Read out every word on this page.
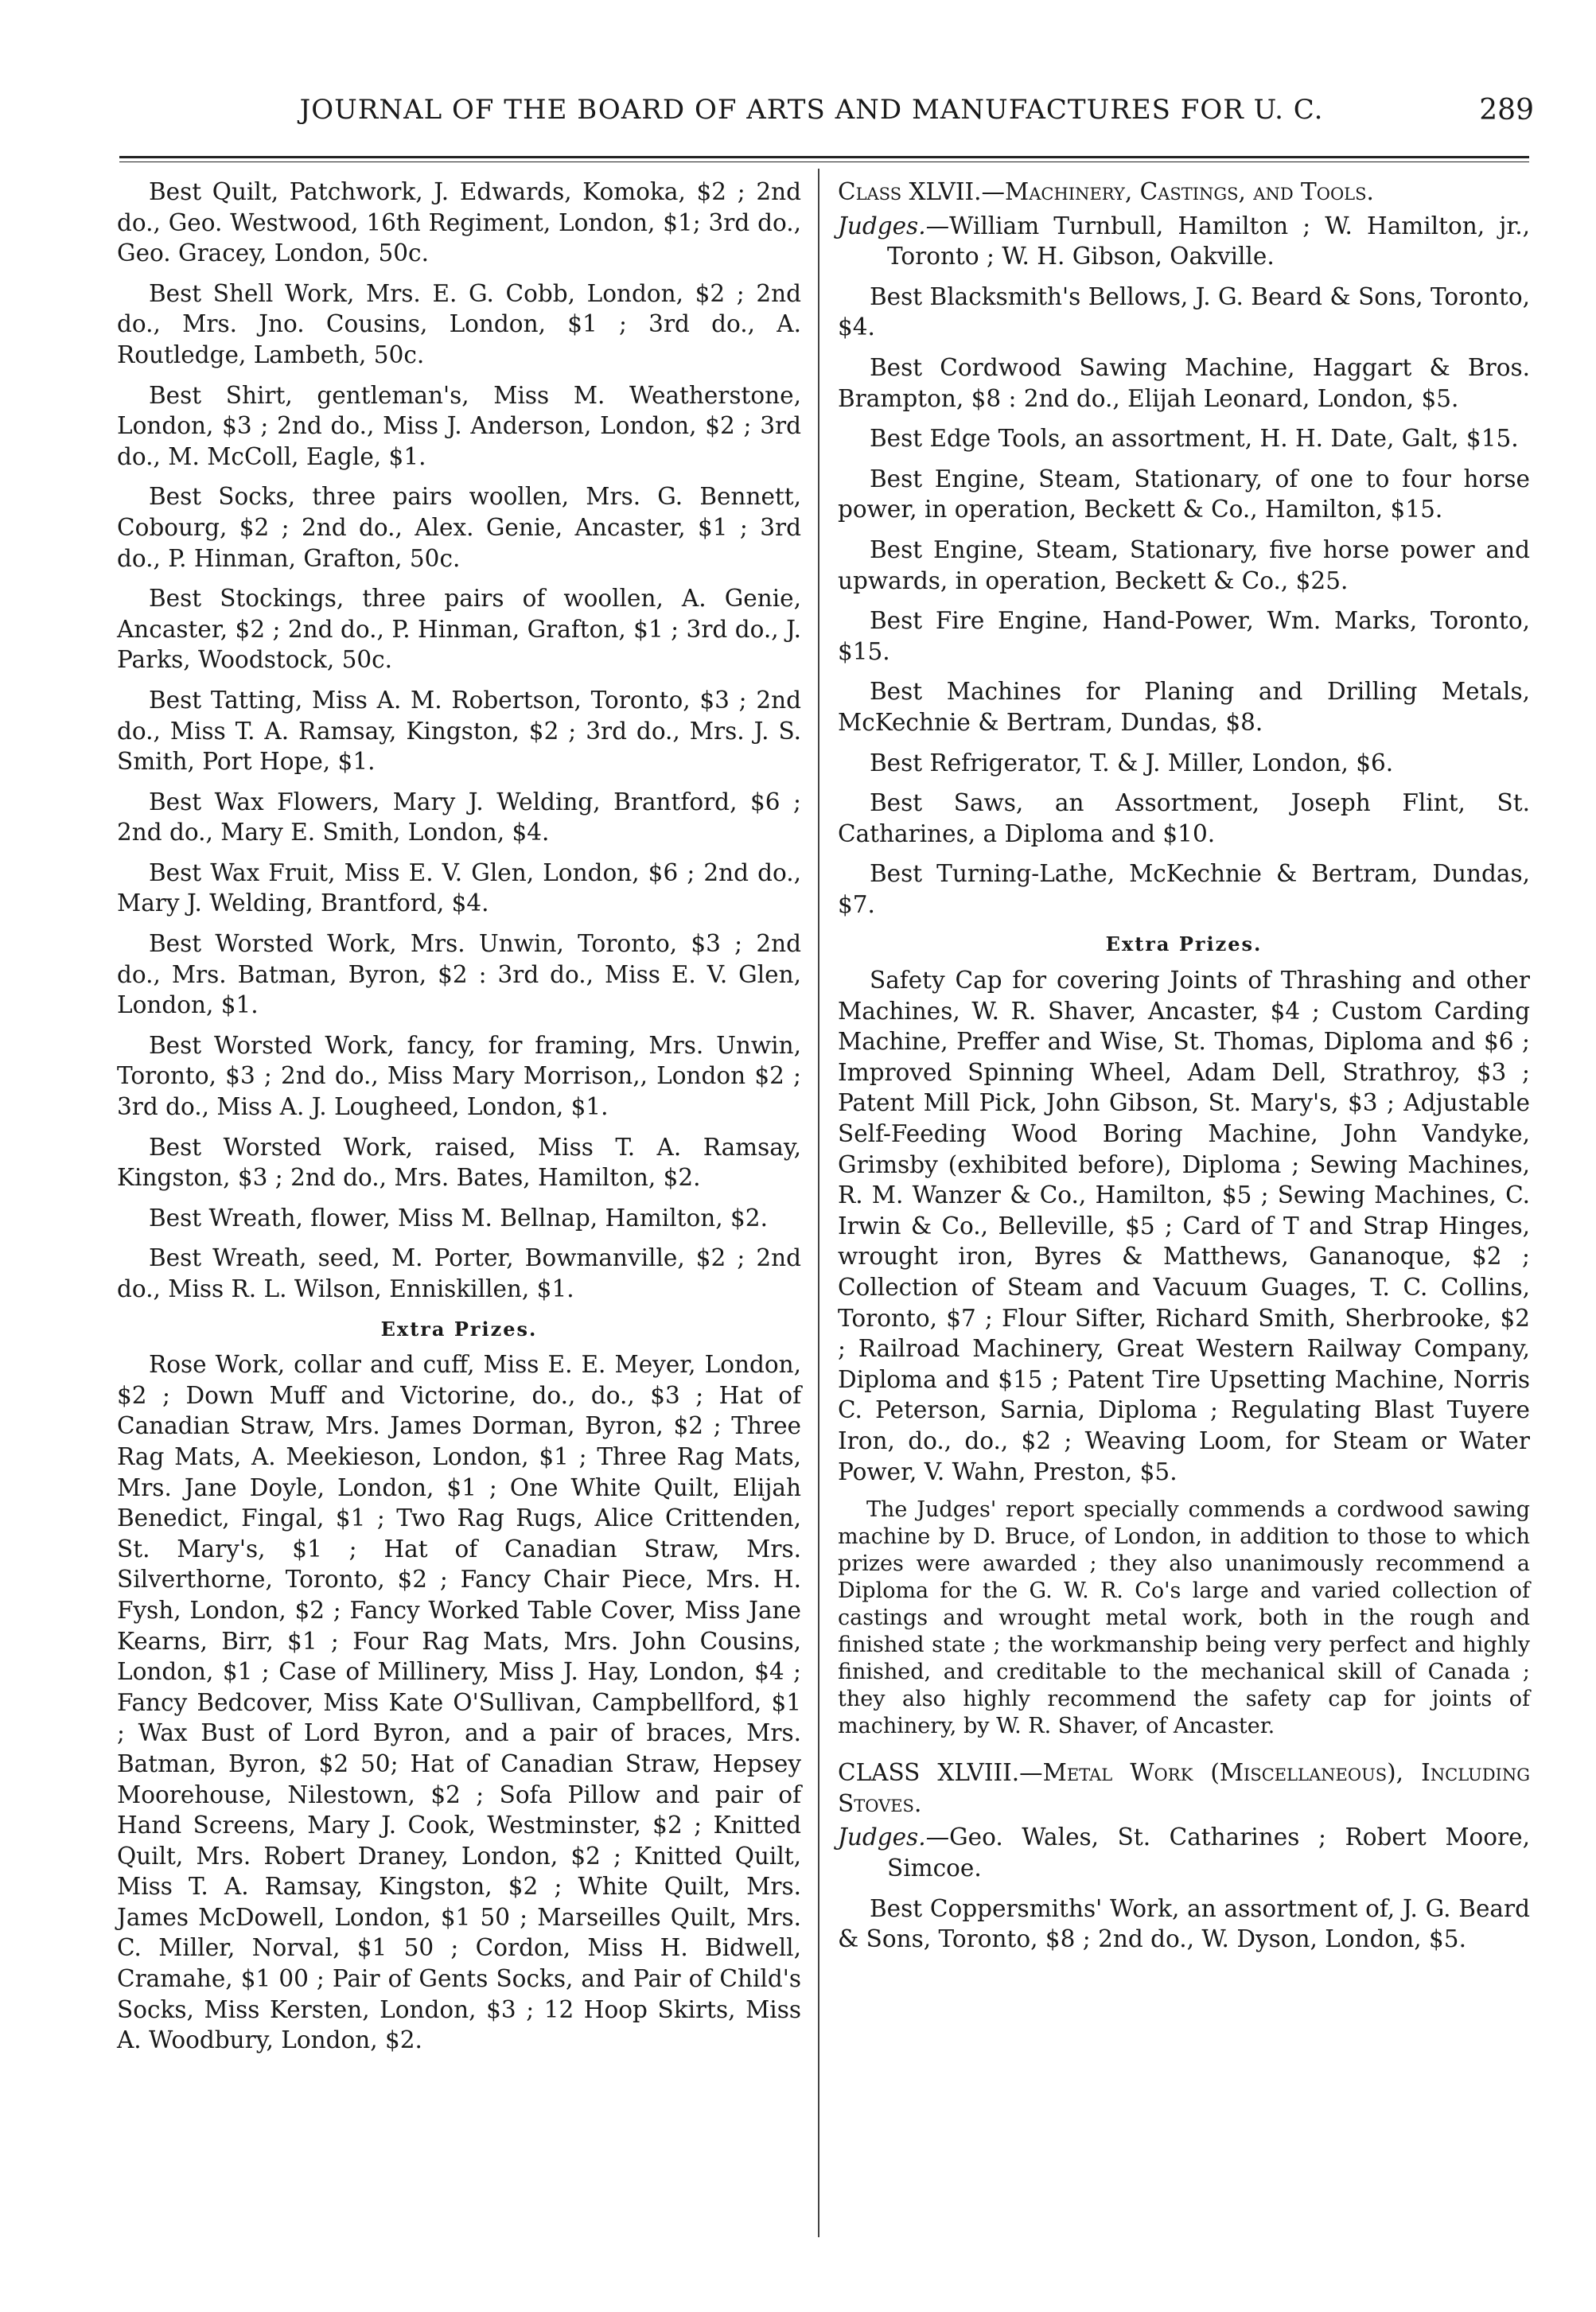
JOURNAL OF THE BOARD OF ARTS AND MANUFACTURES FOR U. C.	289

Best Quilt, Patchwork, J. Edwards, Komoka, $2 ; 2nd do., Geo. Westwood, 16th Regiment, London, $1; 3rd do., Geo. Gracey, London, 50c.

Best Shell Work, Mrs. E. G. Cobb, London, $2 ; 2nd do., Mrs. Jno. Cousins, London, $1 ; 3rd do., A. Routledge, Lambeth, 50c.

Best Shirt, gentleman's, Miss M. Weatherstone, London, $3 ; 2nd do., Miss J. Anderson, London, $2 ; 3rd do., M. McColl, Eagle, $1.

Best Socks, three pairs woollen, Mrs. G. Bennett, Cobourg, $2 ; 2nd do., Alex. Genie, Ancaster, $1 ; 3rd do., P. Hinman, Grafton, 50c.

Best Stockings, three pairs of woollen, A. Genie, Ancaster, $2 ; 2nd do., P. Hinman, Grafton, $1 ; 3rd do., J. Parks, Woodstock, 50c.

Best Tatting, Miss A. M. Robertson, Toronto, $3 ; 2nd do., Miss T. A. Ramsay, Kingston, $2 ; 3rd do., Mrs. J. S. Smith, Port Hope, $1.

Best Wax Flowers, Mary J. Welding, Brantford, $6 ; 2nd do., Mary E. Smith, London, $4.

Best Wax Fruit, Miss E. V. Glen, London, $6 ; 2nd do., Mary J. Welding, Brantford, $4.

Best Worsted Work, Mrs. Unwin, Toronto, $3 ; 2nd do., Mrs. Batman, Byron, $2 : 3rd do., Miss E. V. Glen, London, $1.

Best Worsted Work, fancy, for framing, Mrs. Unwin, Toronto, $3 ; 2nd do., Miss Mary Morrison,, London $2 ; 3rd do., Miss A. J. Lougheed, London, $1.

Best Worsted Work, raised, Miss T. A. Ramsay, Kingston, $3 ; 2nd do., Mrs. Bates, Hamilton, $2.

Best Wreath, flower, Miss M. Bellnap, Hamilton, $2.

Best Wreath, seed, M. Porter, Bowmanville, $2 ; 2nd do., Miss R. L. Wilson, Enniskillen, $1.

Extra Prizes.

Rose Work, collar and cuff, Miss E. E. Meyer, London, $2 ; Down Muff and Victorine, do., do., $3 ; Hat of Canadian Straw, Mrs. James Dorman, Byron, $2 ; Three Rag Mats, A. Meekieson, London, $1 ; Three Rag Mats, Mrs. Jane Doyle, London, $1 ; One White Quilt, Elijah Benedict, Fingal, $1 ; Two Rag Rugs, Alice Crittenden, St. Mary's, $1 ; Hat of Canadian Straw, Mrs. Silverthorne, Toronto, $2 ; Fancy Chair Piece, Mrs. H. Fysh, London, $2 ; Fancy Worked Table Cover, Miss Jane Kearns, Birr, $1 ; Four Rag Mats, Mrs. John Cousins, London, $1 ; Case of Millinery, Miss J. Hay, London, $4 ; Fancy Bedcover, Miss Kate O'Sullivan, Campbellford, $1 ; Wax Bust of Lord Byron, and a pair of braces, Mrs. Batman, Byron, $2 50; Hat of Canadian Straw, Hepsey Moorehouse, Nilestown, $2 ; Sofa Pillow and pair of Hand Screens, Mary J. Cook, Westminster, $2 ; Knitted Quilt, Mrs. Robert Draney, London, $2 ; Knitted Quilt, Miss T. A. Ramsay, Kingston, $2 ; White Quilt, Mrs. James McDowell, London, $1 50 ; Marseilles Quilt, Mrs. C. Miller, Norval, $1 50 ; Cordon, Miss H. Bidwell, Cramahe, $1 00 ; Pair of Gents Socks, and Pair of Child's Socks, Miss Kersten, London, $3 ; 12 Hoop Skirts, Miss A. Woodbury, London, $2.

Class XLVII.—Machinery, Castings, and Tools.

Judges.—William Turnbull, Hamilton ; W. Hamilton, jr., Toronto ; W. H. Gibson, Oakville.

Best Blacksmith's Bellows, J. G. Beard & Sons, Toronto, $4.

Best Cordwood Sawing Machine, Haggart & Bros. Brampton, $8 : 2nd do., Elijah Leonard, London, $5.

Best Edge Tools, an assortment, H. H. Date, Galt, $15.

Best Engine, Steam, Stationary, of one to four horse power, in operation, Beckett & Co., Hamilton, $15.

Best Engine, Steam, Stationary, five horse power and upwards, in operation, Beckett & Co., $25.

Best Fire Engine, Hand-Power, Wm. Marks, Toronto, $15.

Best Machines for Planing and Drilling Metals, McKechnie & Bertram, Dundas, $8.

Best Refrigerator, T. & J. Miller, London, $6.

Best Saws, an Assortment, Joseph Flint, St. Catharines, a Diploma and $10.

Best Turning-Lathe, McKechnie & Bertram, Dundas, $7.

Extra Prizes.

Safety Cap for covering Joints of Thrashing and other Machines, W. R. Shaver, Ancaster, $4 ; Custom Carding Machine, Preffer and Wise, St. Thomas, Diploma and $6 ; Improved Spinning Wheel, Adam Dell, Strathroy, $3 ; Patent Mill Pick, John Gibson, St. Mary's, $3 ; Adjustable Self-Feeding Wood Boring Machine, John Vandyke, Grimsby (exhibited before), Diploma ; Sewing Machines, R. M. Wanzer & Co., Hamilton, $5 ; Sewing Machines, C. Irwin & Co., Belleville, $5 ; Card of T and Strap Hinges, wrought iron, Byres & Matthews, Gananoque, $2 ; Collection of Steam and Vacuum Guages, T. C. Collins, Toronto, $7 ; Flour Sifter, Richard Smith, Sherbrooke, $2 ; Railroad Machinery, Great Western Railway Company, Diploma and $15 ; Patent Tire Upsetting Machine, Norris C. Peterson, Sarnia, Diploma ; Regulating Blast Tuyere Iron, do., do., $2 ; Weaving Loom, for Steam or Water Power, V. Wahn, Preston, $5.

The Judges' report specially commends a cordwood sawing machine by D. Bruce, of London, in addition to those to which prizes were awarded ; they also unanimously recommend a Diploma for the G. W. R. Co's large and varied collection of castings and wrought metal work, both in the rough and finished state ; the workmanship being very perfect and highly finished, and creditable to the mechanical skill of Canada ; they also highly recommend the safety cap for joints of machinery, by W. R. Shaver, of Ancaster.

CLASS XLVIII.—Metal Work (Miscellaneous), Including Stoves.

Judges.—Geo. Wales, St. Catharines ; Robert Moore, Simcoe.

Best Coppersmiths' Work, an assortment of, J. G. Beard & Sons, Toronto, $8 ; 2nd do., W. Dyson, London, $5.
